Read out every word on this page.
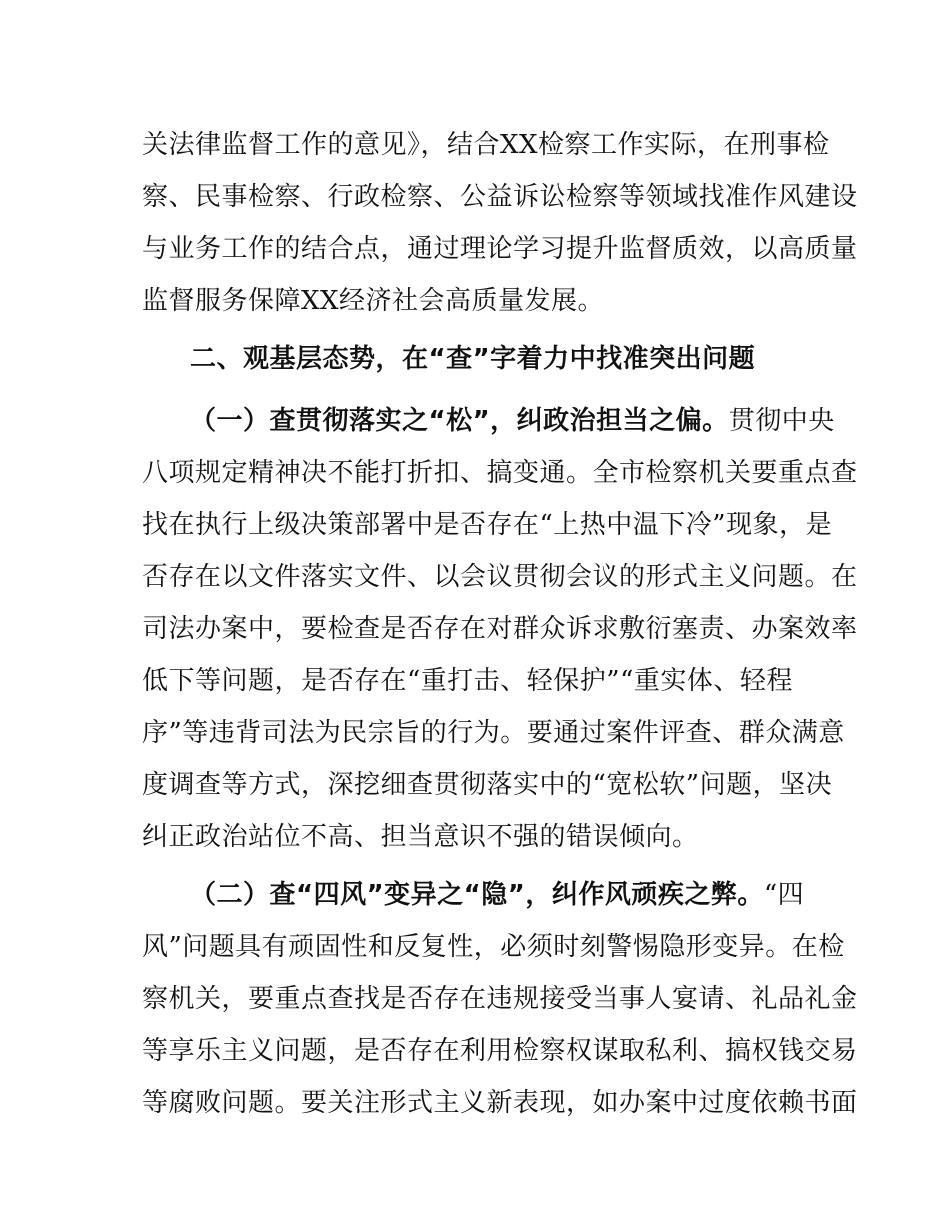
关法律监督工作的意见》，结合XX检察工作实际，在刑事检
察、民事检察、行政检察、公益诉讼检察等领域找准作风建设
与业务工作的结合点，通过理论学习提升监督质效，以高质量
监督服务保障XX经济社会高质量发展。
二、观基层态势，在“查”字着力中找准突出问题
（一）查贯彻落实之“松”，纠政治担当之偏。贯彻中央
八项规定精神决不能打折扣、搞变通。全市检察机关要重点查
找在执行上级决策部署中是否存在“上热中温下冷”现象，是
否存在以文件落实文件、以会议贯彻会议的形式主义问题。在
司法办案中，要检查是否存在对群众诉求敷衍塞责、办案效率
低下等问题，是否存在“重打击、轻保护”“重实体、轻程
序”等违背司法为民宗旨的行为。要通过案件评查、群众满意
度调查等方式，深挖细查贯彻落实中的“宽松软”问题，坚决
纠正政治站位不高、担当意识不强的错误倾向。
（二）查“四风”变异之“隐”，纠作风顽疾之弊。“四
风”问题具有顽固性和反复性，必须时刻警惕隐形变异。在检
察机关，要重点查找是否存在违规接受当事人宴请、礼品礼金
等享乐主义问题，是否存在利用检察权谋取私利、搞权钱交易
等腐败问题。要关注形式主义新表现，如办案中过度依赖书面
